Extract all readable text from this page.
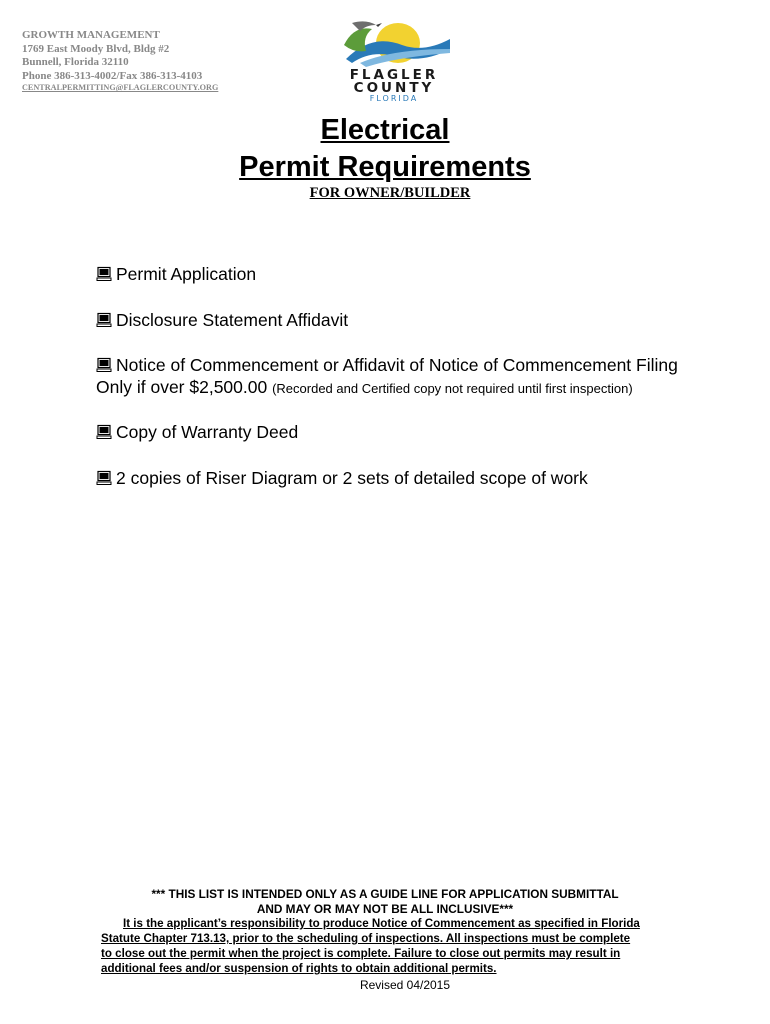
GROWTH MANAGEMENT
1769 East Moody Blvd, Bldg #2
Bunnell, Florida 32110
Phone 386-313-4002/Fax 386-313-4103
CENTRALPERMITTING@FLAGLERCOUNTY.ORG
FLAGLER
COUNTY
FLORIDA
Electrical
Permit Requirements
FOR OWNER/BUILDER
Permit Application
Disclosure Statement Affidavit
Notice of Commencement or Affidavit of Notice of Commencement Filing
Only if over $2,500.00 (Recorded and Certified copy not required until first inspection)
Copy of Warranty Deed
2 copies of Riser Diagram or 2 sets of detailed scope of work
*** THIS LIST IS INTENDED ONLY AS A GUIDE LINE FOR APPLICATION SUBMITTAL
AND MAY OR MAY NOT BE ALL INCLUSIVE***
It is the applicant’s responsibility to produce Notice of Commencement as specified in Florida
Statute Chapter 713.13, prior to the scheduling of inspections. All inspections must be complete
to close out the permit when the project is complete. Failure to close out permits may result in
additional fees and/or suspension of rights to obtain additional permits.
Revised 04/2015
